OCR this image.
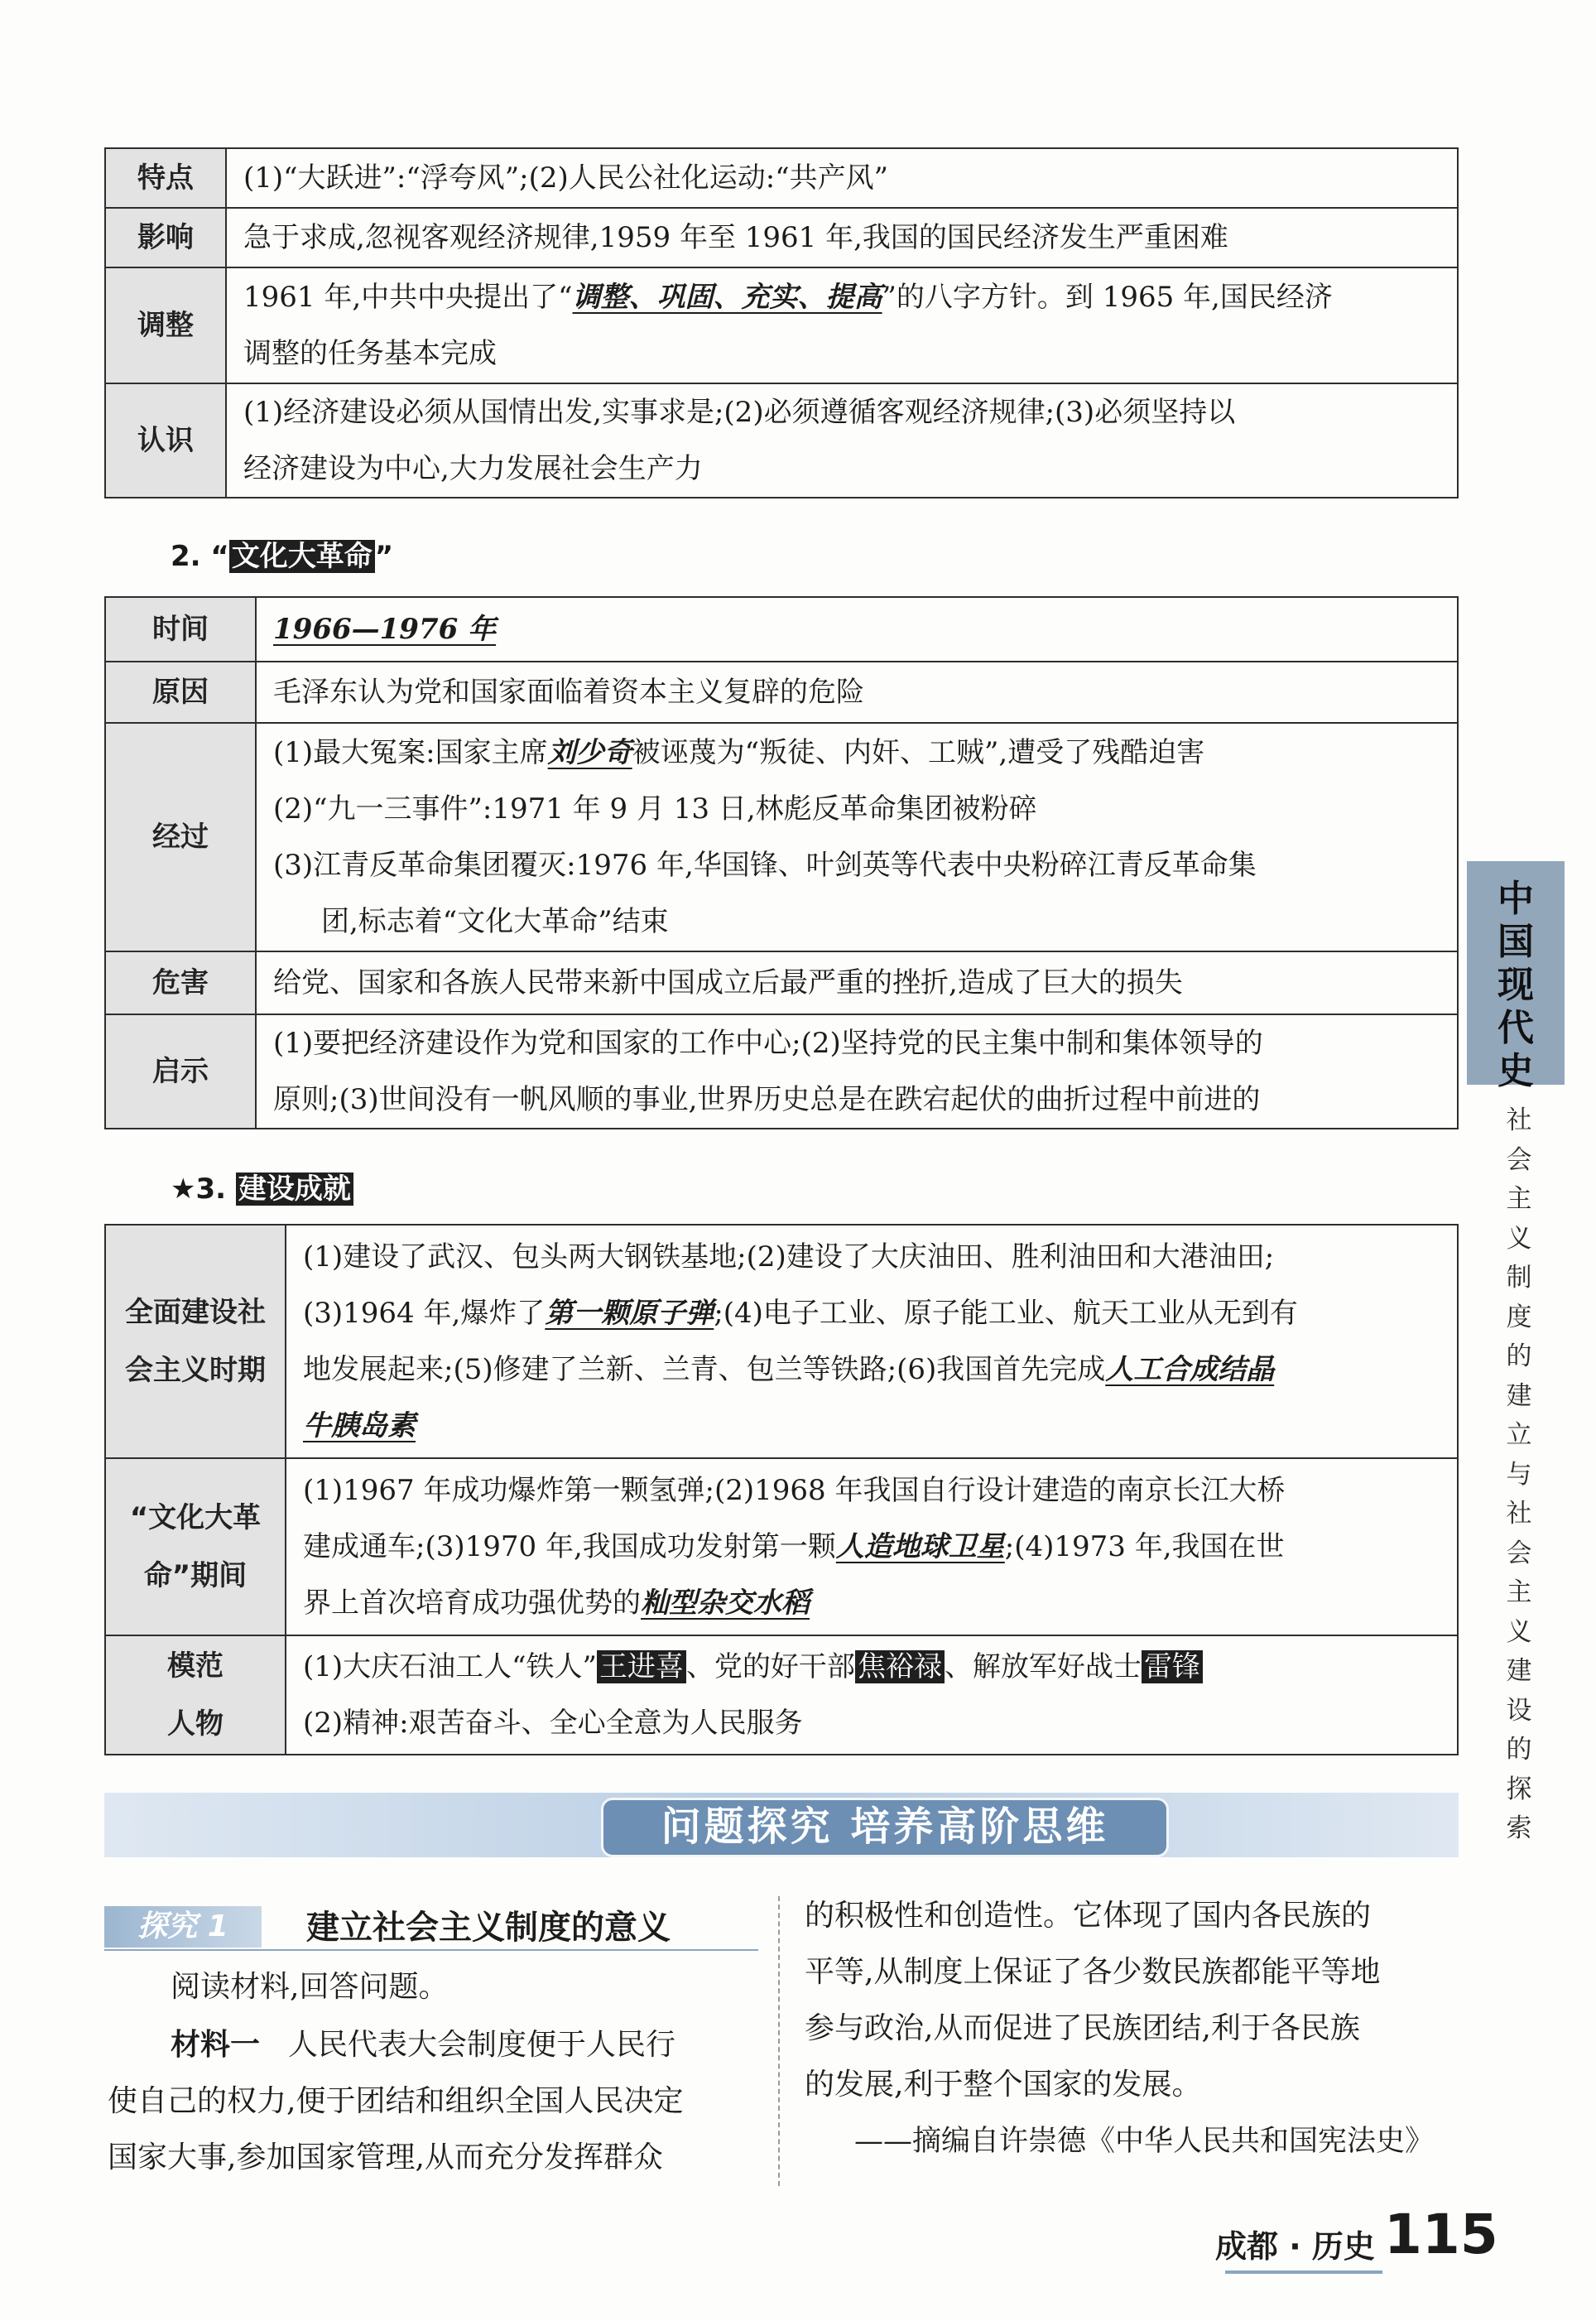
特点	(1)“大跃进”:“浮夸风”;(2)人民公社化运动:“共产风”

影响	急于求成,忽视客观经济规律,1959 年至 1961 年,我国的国民经济发生严重困难

调整	1961 年,中共中央提出了“调整、巩固、充实、提高”的八字方针。到 1965 年,国民经济
调整的任务基本完成

认识	(1)经济建设必须从国情出发,实事求是;(2)必须遵循客观经济规律;(3)必须坚持以
经济建设为中心,大力发展社会生产力
2. “文化大革命”
时间	1966—1976 年

原因	毛泽东认为党和国家面临着资本主义复辟的危险

经过	(1)最大冤案:国家主席刘少奇被诬蔑为“叛徒、内奸、工贼”,遭受了残酷迫害
(2)“九一三事件”:1971 年 9 月 13 日,林彪反革命集团被粉碎
(3)江青反革命集团覆灭:1976 年,华国锋、叶剑英等代表中央粉碎江青反革命集
团,标志着“文化大革命”结束

危害	给党、国家和各族人民带来新中国成立后最严重的挫折,造成了巨大的损失

启示	(1)要把经济建设作为党和国家的工作中心;(2)坚持党的民主集中制和集体领导的
原则;(3)世间没有一帆风顺的事业,世界历史总是在跌宕起伏的曲折过程中前进的
★3. 建设成就
全面建设社
会主义时期	(1)建设了武汉、包头两大钢铁基地;(2)建设了大庆油田、胜利油田和大港油田;
(3)1964 年,爆炸了第一颗原子弹;(4)电子工业、原子能工业、航天工业从无到有
地发展起来;(5)修建了兰新、兰青、包兰等铁路;(6)我国首先完成人工合成结晶
牛胰岛素

“文化大革
命”期间	(1)1967 年成功爆炸第一颗氢弹;(2)1968 年我国自行设计建造的南京长江大桥
建成通车;(3)1970 年,我国成功发射第一颗人造地球卫星;(4)1973 年,我国在世
界上首次培育成功强优势的籼型杂交水稻

模范
人物	(1)大庆石油工人“铁人”王进喜、党的好干部焦裕禄、解放军好战士雷锋
(2)精神:艰苦奋斗、全心全意为人民服务
中
国
现
代
史
社
会
主
义
制
度
的
建
立
与
社
会
主
义
建
设
的
探
索
问题探究 培养高阶思维
探究 1	建立社会主义制度的意义
阅读材料,回答问题。
材料一 人民代表大会制度便于人民行
使自己的权力,便于团结和组织全国人民决定
国家大事,参加国家管理,从而充分发挥群众
的积极性和创造性。它体现了国内各民族的
平等,从制度上保证了各少数民族都能平等地
参与政治,从而促进了民族团结,利于各民族
的发展,利于整个国家的发展。
——摘编自许崇德《中华人民共和国宪法史》
成都 · 历史 115
